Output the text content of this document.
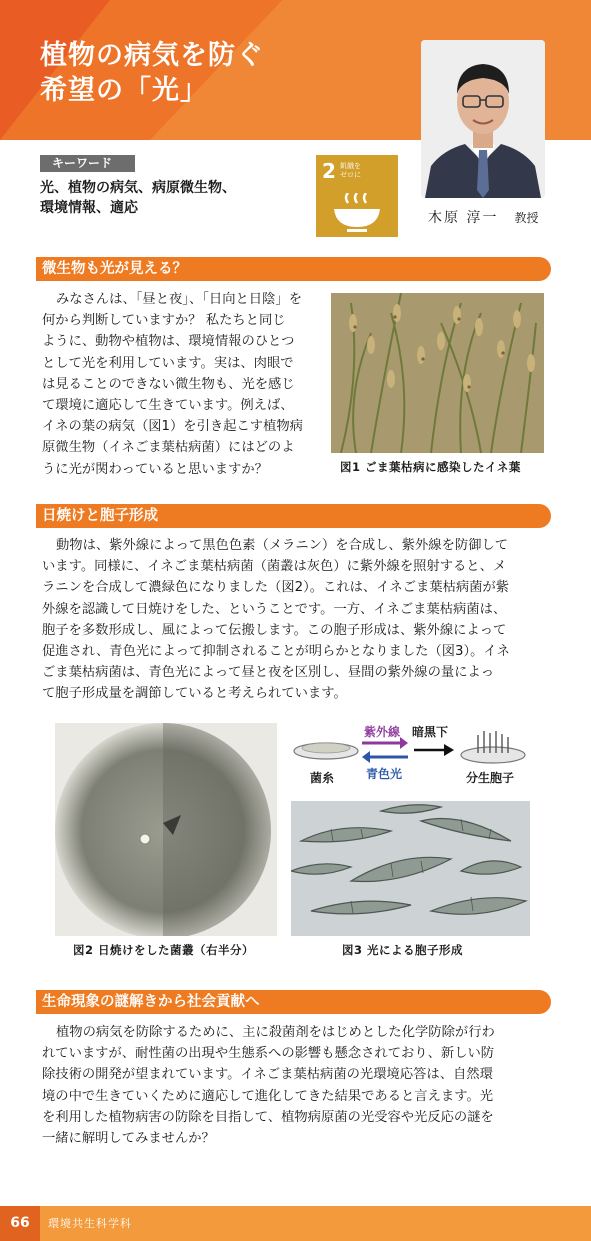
植物の病気を防ぐ
希望の「光」
木原 淳一 教授
キーワード
光、植物の病気、病原微生物、
環境情報、適応
2 飢餓を
ゼロに
微生物も光が見える？
みなさんは、「昼と夜」、「日向と日陰」を
何から判断していますか？ 私たちと同じ
ように、動物や植物は、環境情報のひとつ
として光を利用しています。実は、肉眼で
は見ることのできない微生物も、光を感じ
て環境に適応して生きています。例えば、
イネの葉の病気（図1）を引き起こす植物病
原微生物（イネごま葉枯病菌）にはどのよ
うに光が関わっていると思いますか？	図1 ごま葉枯病に感染したイネ葉
日焼けと胞子形成
動物は、紫外線によって黒色色素（メラニン）を合成し、紫外線を防御して
います。同様に、イネごま葉枯病菌（菌叢は灰色）に紫外線を照射すると、メ
ラニンを合成して濃緑色になりました（図2）。これは、イネごま葉枯病菌が紫
外線を認識して日焼けをした、ということです。一方、イネごま葉枯病菌は、
胞子を多数形成し、風によって伝搬します。この胞子形成は、紫外線によって
促進され、青色光によって抑制されることが明らかとなりました（図3）。イネ
ごま葉枯病菌は、青色光によって昼と夜を区別し、昼間の紫外線の量によっ
て胞子形成量を調節していると考えられています。
図2 日焼けをした菌叢（右半分）
紫外線 暗黒下
青色光
菌糸	分生胞子
図3 光による胞子形成
生命現象の謎解きから社会貢献へ
植物の病気を防除するために、主に殺菌剤をはじめとした化学防除が行わ
れていますが、耐性菌の出現や生態系への影響も懸念されており、新しい防
除技術の開発が望まれています。イネごま葉枯病菌の光環境応答は、自然環
境の中で生きていくために適応して進化してきた結果であると言えます。光
を利用した植物病害の防除を目指して、植物病原菌の光受容や光反応の謎を
一緒に解明してみませんか？
66	環境共生科学科
